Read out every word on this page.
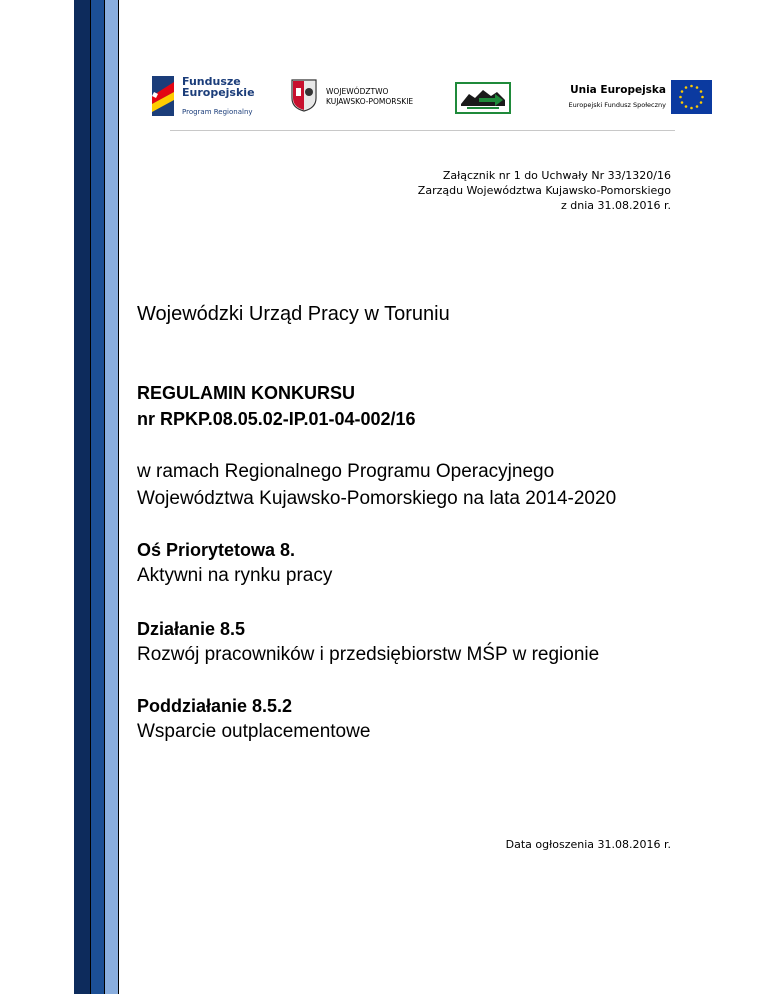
Fundusze
Europejskie
Program Regionalny
WOJEWÓDZTWO
KUJAWSKO-POMORSKIE
Unia Europejska
Europejski Fundusz Społeczny
Załącznik nr 1 do Uchwały Nr 33/1320/16
Zarządu Województwa Kujawsko-Pomorskiego
z dnia 31.08.2016 r.
Wojewódzki Urząd Pracy w Toruniu
REGULAMIN KONKURSU
nr RPKP.08.05.02-IP.01-04-002/16
w ramach Regionalnego Programu Operacyjnego
Województwa Kujawsko-Pomorskiego na lata 2014-2020
Oś Priorytetowa 8.
Aktywni na rynku pracy
Działanie 8.5
Rozwój pracowników i przedsiębiorstw MŚP w regionie
Poddziałanie 8.5.2
Wsparcie outplacementowe
Data ogłoszenia 31.08.2016 r.
